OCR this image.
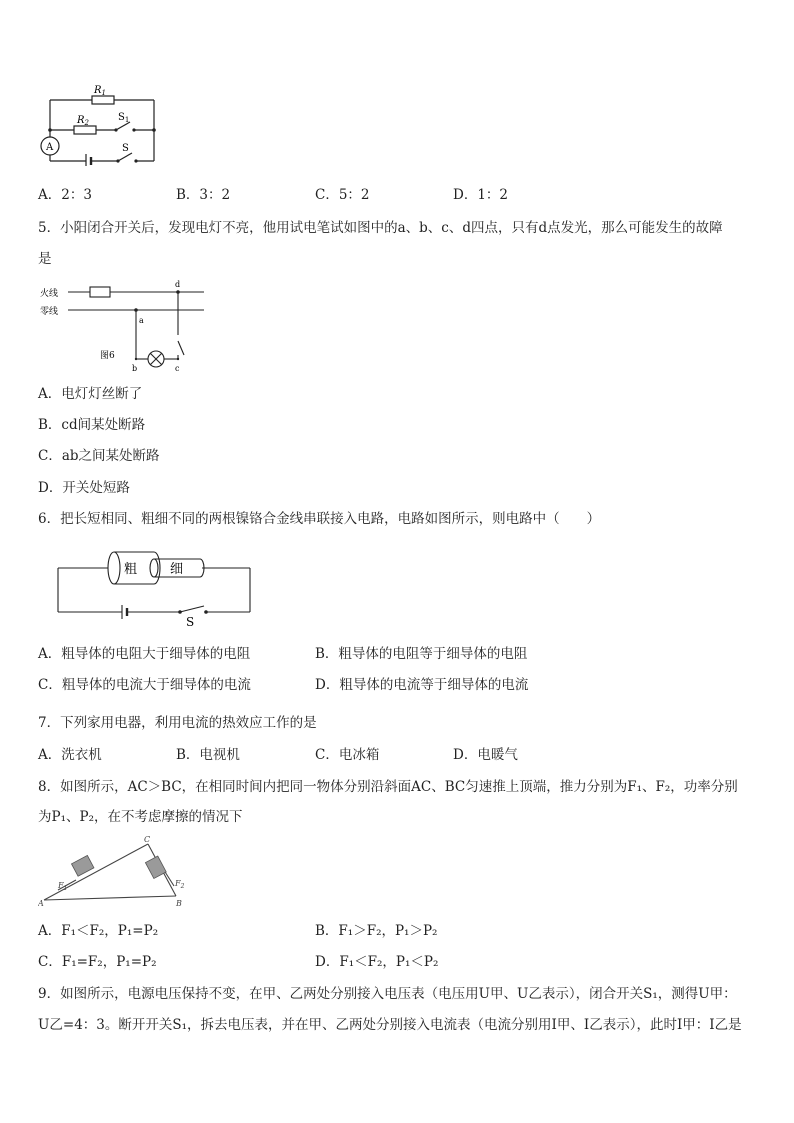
$R_1$
$R_2$	$S_1$
S
A
A．2：3	B．3：2	C．5：2	D．1：2
5．小阳闭合开关后，发现电灯不亮，他用试电笔试如图中的a、b、c、d四点，只有d点发光，那么可能发生的故障
是
火线
零线
图6
a
b	c
d
A．电灯灯丝断了
B．cd间某处断路
C．ab之间某处断路
D．开关处短路
6．把长短相同、粗细不同的两根镍铬合金线串联接入电路，电路如图所示，则电路中（　　）
粗	细
S
A．粗导体的电阻大于细导体的电阻	B．粗导体的电阻等于细导体的电阻
C．粗导体的电流大于细导体的电流	D．粗导体的电流等于细导体的电流
7．下列家用电器，利用电流的热效应工作的是
A．洗衣机	B．电视机	C．电冰箱	D．电暖气
8．如图所示，AC＞BC，在相同时间内把同一物体分别沿斜面AC、BC匀速推上顶端，推力分别为F₁、F₂，功率分别
为P₁、P₂，在不考虑摩擦的情况下
A	B
C
$F_1$
$F_2$
A．F₁＜F₂，P₁=P₂	B．F₁＞F₂，P₁＞P₂
C．F₁=F₂，P₁=P₂	D．F₁＜F₂，P₁＜P₂
9．如图所示，电源电压保持不变，在甲、乙两处分别接入电压表（电压用U甲、U乙表示），闭合开关S₁，测得U甲：
U乙=4：3。断开开关S₁，拆去电压表，并在甲、乙两处分别接入电流表（电流分别用I甲、I乙表示），此时I甲：I乙是
